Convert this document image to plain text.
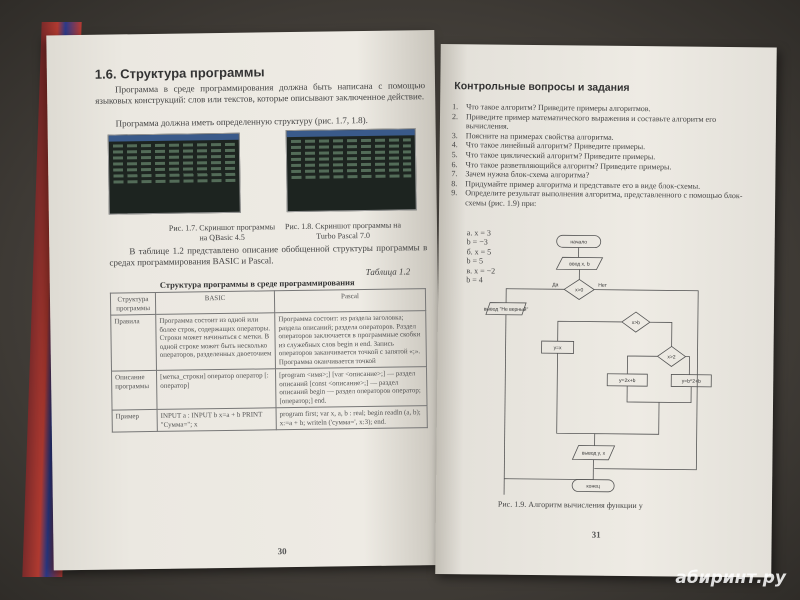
1.6. Структура программы
Программа в среде программирования должна быть написана с помощью языковых конструкций: слов или текстов, которые описывают заключенное действие.
Программа должна иметь определенную структуру (рис. 1.7, 1.8).
Рис. 1.7. Скриншот программы на QBasic 4.5
Рис. 1.8. Скриншот программы на Turbo Pascal 7.0
В таблице 1.2 представлено описание обобщенной структуры программы в средах программирования BASIC и Pascal.
Таблица 1.2
Структура программы в среде программирования
Структура программы	BASIC	Pascal
Правила	Программа состоит из одной или более строк, содержащих операторы. Строки может начинаться с метки. В одной строке может быть несколько операторов, разделенных двоеточием	Программа состоит: из раздела заголовка; раздела описаний; раздела операторов. Раздел операторов заключается в программные скобки из служебных слов begin и end. Запись операторов заканчивается точкой с запятой «;». Программа оканчивается точкой
Описание программы	[метка_строки] оператор оператор [: оператор]	[program <имя>;] [var <описание>;] — раздел описаний [const <описание>;] — раздел описаний begin — раздел операторов оператор; [оператор;] end.
Пример	INPUT a : INPUT b x=a + b PRINT "Сумма="; x	program first; var x, a, b : real; begin readln (a, b); x:=a + b; writeln ('сумма=', x:3); end.
30
Контрольные вопросы и задания
1. Что такое алгоритм? Приведите примеры алгоритмов.
2. Приведите пример математического выражения и составьте алгоритм его вычисления.
3. Поясните на примерах свойства алгоритма.
4. Что такое линейный алгоритм? Приведите примеры.
5. Что такое циклический алгоритм? Приведите примеры.
6. Что такое разветвляющийся алгоритм? Приведите примеры.
7. Зачем нужна блок-схема алгоритма?
8. Придумайте пример алгоритма и представьте его в виде блок-схемы.
9. Определите результат выполнения алгоритма, представленного с помощью блок-схемы (рис. 1.9) при:
а. x = 3
b = −3
б. x = 5
b = 5
в. x = −2
b = 4
начало
ввод x, b
x>0
Да	Нет
вывод "Не верный"
x>b
y=x
x>2
y=2x+b	y=b^2+b
вывод y, x
конец
Рис. 1.9. Алгоритм вычисления функции y
31
абиринт.ру
